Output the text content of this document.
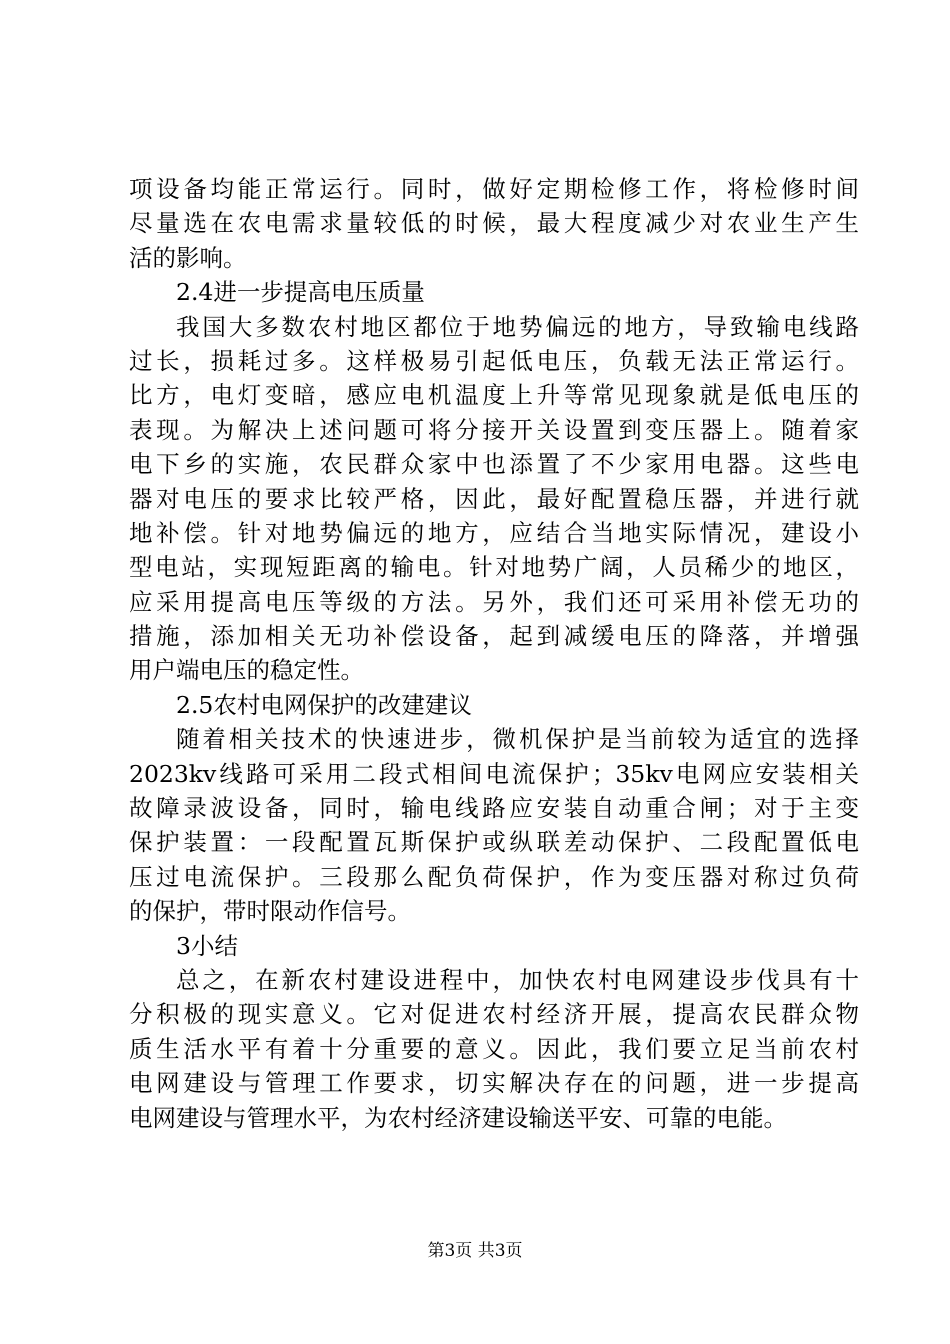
项设备均能正常运行。同时，做好定期检修工作，将检修时间
尽量选在农电需求量较低的时候，最大程度减少对农业生产生
活的影响。
2.4进一步提高电压质量
我国大多数农村地区都位于地势偏远的地方，导致输电线路
过长，损耗过多。这样极易引起低电压，负载无法正常运行。
比方，电灯变暗，感应电机温度上升等常见现象就是低电压的
表现。为解决上述问题可将分接开关设置到变压器上。随着家
电下乡的实施，农民群众家中也添置了不少家用电器。这些电
器对电压的要求比较严格，因此，最好配置稳压器，并进行就
地补偿。针对地势偏远的地方，应结合当地实际情况，建设小
型电站，实现短距离的输电。针对地势广阔，人员稀少的地区，
应采用提高电压等级的方法。另外，我们还可采用补偿无功的
措施，添加相关无功补偿设备，起到减缓电压的降落，并增强
用户端电压的稳定性。
2.5农村电网保护的改建建议
随着相关技术的快速进步，微机保护是当前较为适宜的选择
2023kv线路可采用二段式相间电流保护；35kv电网应安装相关
故障录波设备，同时，输电线路应安装自动重合闸；对于主变
保护装置：一段配置瓦斯保护或纵联差动保护、二段配置低电
压过电流保护。三段那么配负荷保护，作为变压器对称过负荷
的保护，带时限动作信号。
3小结
总之，在新农村建设进程中，加快农村电网建设步伐具有十
分积极的现实意义。它对促进农村经济开展，提高农民群众物
质生活水平有着十分重要的意义。因此，我们要立足当前农村
电网建设与管理工作要求，切实解决存在的问题，进一步提高
电网建设与管理水平，为农村经济建设输送平安、可靠的电能。
第3页 共3页
